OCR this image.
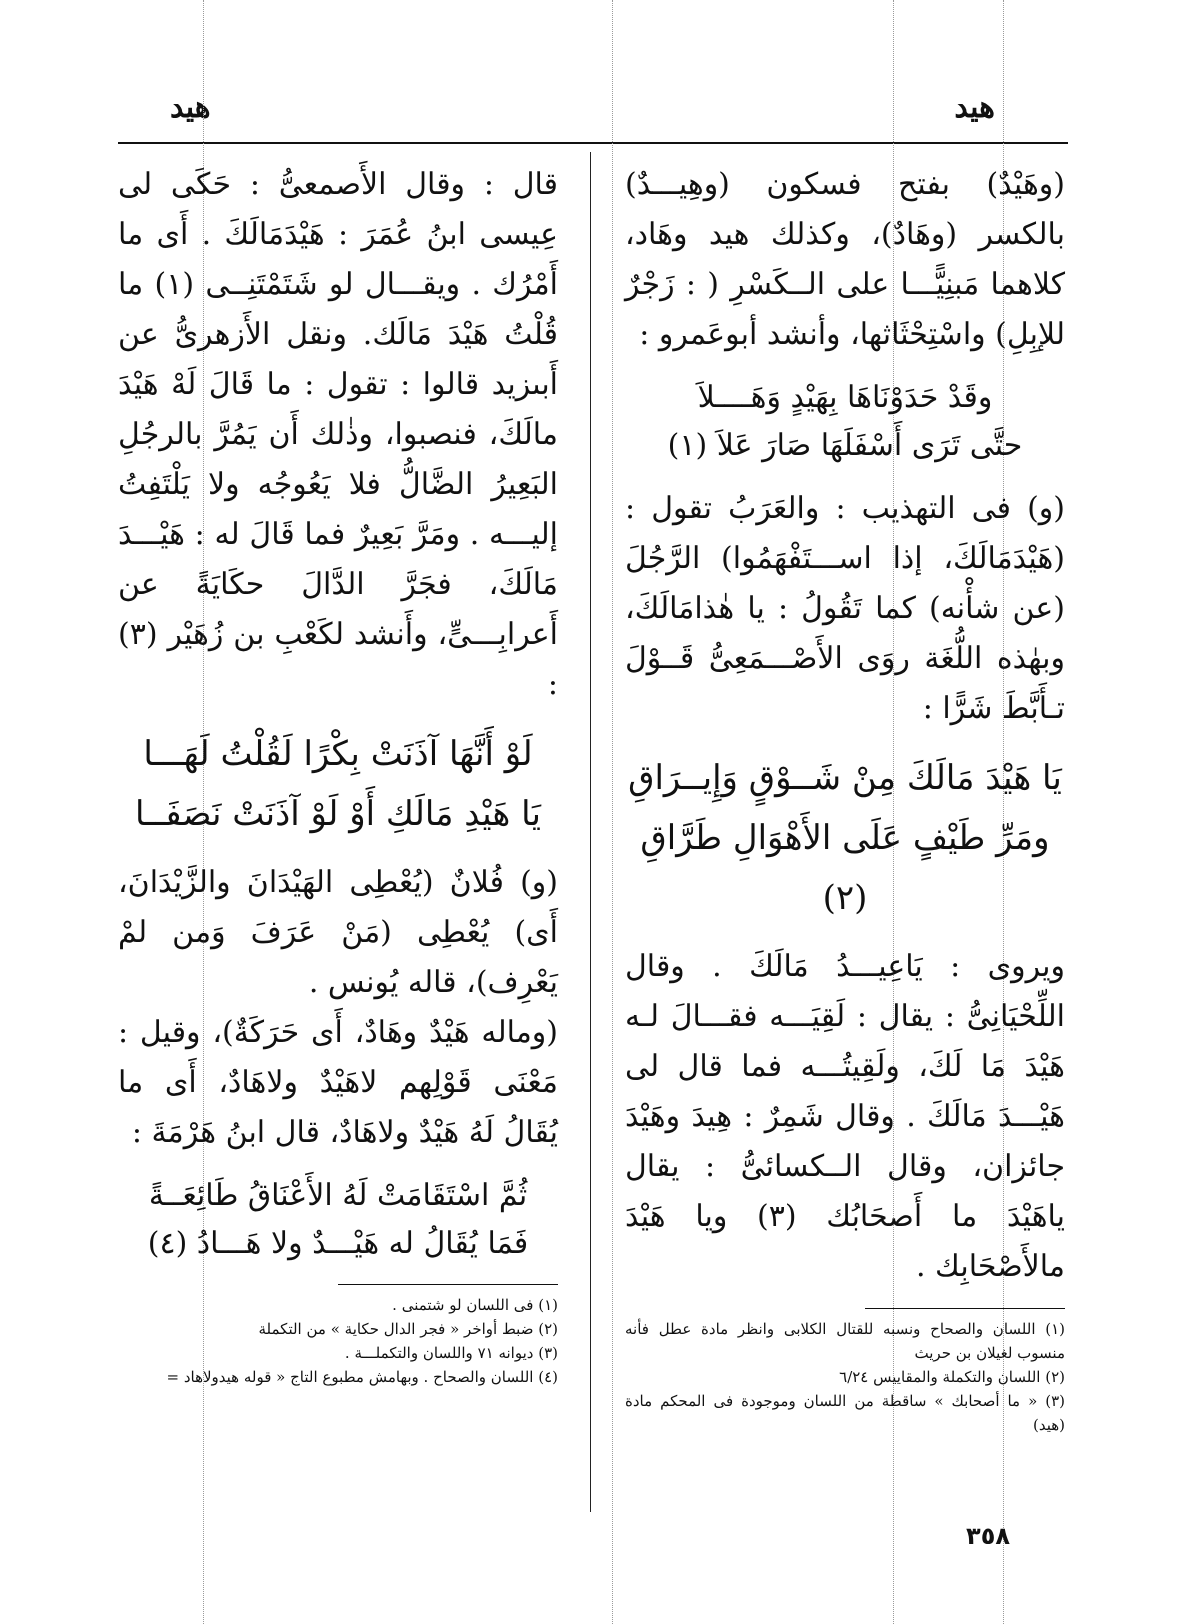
هيد
هيد

(وهَيْدٌ) بفتح فسكون (وهِيـــدٌ) بالكسر (وهَادٌ)، وكذلك هيد وهَاد، كلاهما مَبنِيًّـــا على الــكَسْرِ ( : زَجْرٌ للإبِلِ) واسْتِحْثَاثها، وأنشد أبوعَمرو :

وقَدْ حَدَوْنَاهَا بِهَيْدٍ وَهَــــلاَ
حتَّى تَرَى أَسْفَلَهَا صَارَ عَلاَ (١)

(و) فى التهذيب : والعَرَبُ تقول : (هَيْدَمَالَكَ، إذا اســـتَفْهَمُوا) الرَّجُلَ (عن شأْنه) كما تَقُولُ : يا هٰذامَالَكَ، وبهٰذه اللُّغَة روَى الأَصْـــمَعِىُّ قَــوْلَ تـأَبَّطَ شَرًّا :

يَا هَيْدَ مَالَكَ مِنْ شَــوْقٍ وَإِيــرَاقِ
ومَرِّ طَيْفٍ عَلَى الأَهْوَالِ طَرَّاقِ (٢)

ويروى : يَاعِيـــدُ مَالَكَ . وقال اللِّحْيَانِىُّ : يقال : لَقِيَـــه فقـــالَ لـه هَيْدَ مَا لَكَ، ولَقِيتُـــه فما قال لى هَيْـــدَ مَالَكَ . وقال شَمِرٌ : هِيدَ وهَيْدَ جائزان، وقال الــكسائىُّ : يقال ياهَيْدَ ما أَصحَابُك (٣) ويا هَيْدَ مالأَصْحَابِك .

(١) اللسان والصحاح ونسبه للقتال الكلابى وانظر مادة عطل فأنه منسوب لغيلان بن حريث

(٢) اللسان والتكملة والمقاييس ٦/٢٤

(٣) « ما أصحابك » ساقطة من اللسان وموجودة فى المحكم مادة (هيد)

قال : وقال الأَصمعىُّ : حَكَى لى عِيسى ابنُ عُمَرَ : هَيْدَمَالَكَ . أَى ما أَمْرُك . ويقـــال لو شَتَمْتَنِــى (١) ما قُلْتُ هَيْدَ مَالَك. ونقل الأَزهرىُّ عن أَبىزيد قالوا : تقول : ما قَالَ لَهْ هَيْدَ مالَكَ، فنصبوا، وذٰلك أَن يَمُرَّ بالرجُلِ البَعِيرُ الضَّالُّ فلا يَعُوجُه ولا يَلْتَفِتُ إليـــه . ومَرَّ بَعِيرٌ فما قَالَ له : هَيْـــدَ مَالَكَ، فجَرَّ الدَّالَ حكَايَةً عن أَعرابِـــىٍّ، وأَنشد لكَعْبِ بن زُهَيْر (٣) :

لَوْ أَنَّهَا آذَنَتْ بِكْرًا لَقُلْتُ لَهَـــا
يَا هَيْدِ مَالَكِ أَوْ لَوْ آذَنَتْ نَصَفَــا

(و) فُلانٌ (يُعْطِى الهَيْدَانَ والزَّيْدَانَ، أَى) يُعْطِى (مَنْ عَرَفَ وَمن لمْ يَعْرِف)، قاله يُونس .

(وماله هَيْدٌ وهَادٌ، أَى حَرَكَةٌ)، وقيل : مَعْنَى قَوْلِهم لاهَيْدٌ ولاهَادٌ، أَى ما يُقَالُ لَهُ هَيْدٌ ولاهَادٌ، قال ابنُ هَرْمَةَ :

ثُمَّ اسْتَقَامَتْ لَهُ الأَعْنَاقُ طَائِعَــةً
فَمَا يُقَالُ له هَيْـــدٌ ولا هَـــادُ (٤)

(١) فى اللسان لو شتمنى .

(٢) ضبط أواخر « فجر الدال حكاية » من التكملة

(٣) ديوانه ٧١ واللسان والتكملـــة .

(٤) اللسان والصحاح . وبهامش مطبوع التاج « قوله هيدولاهاد =

٣٥٨
